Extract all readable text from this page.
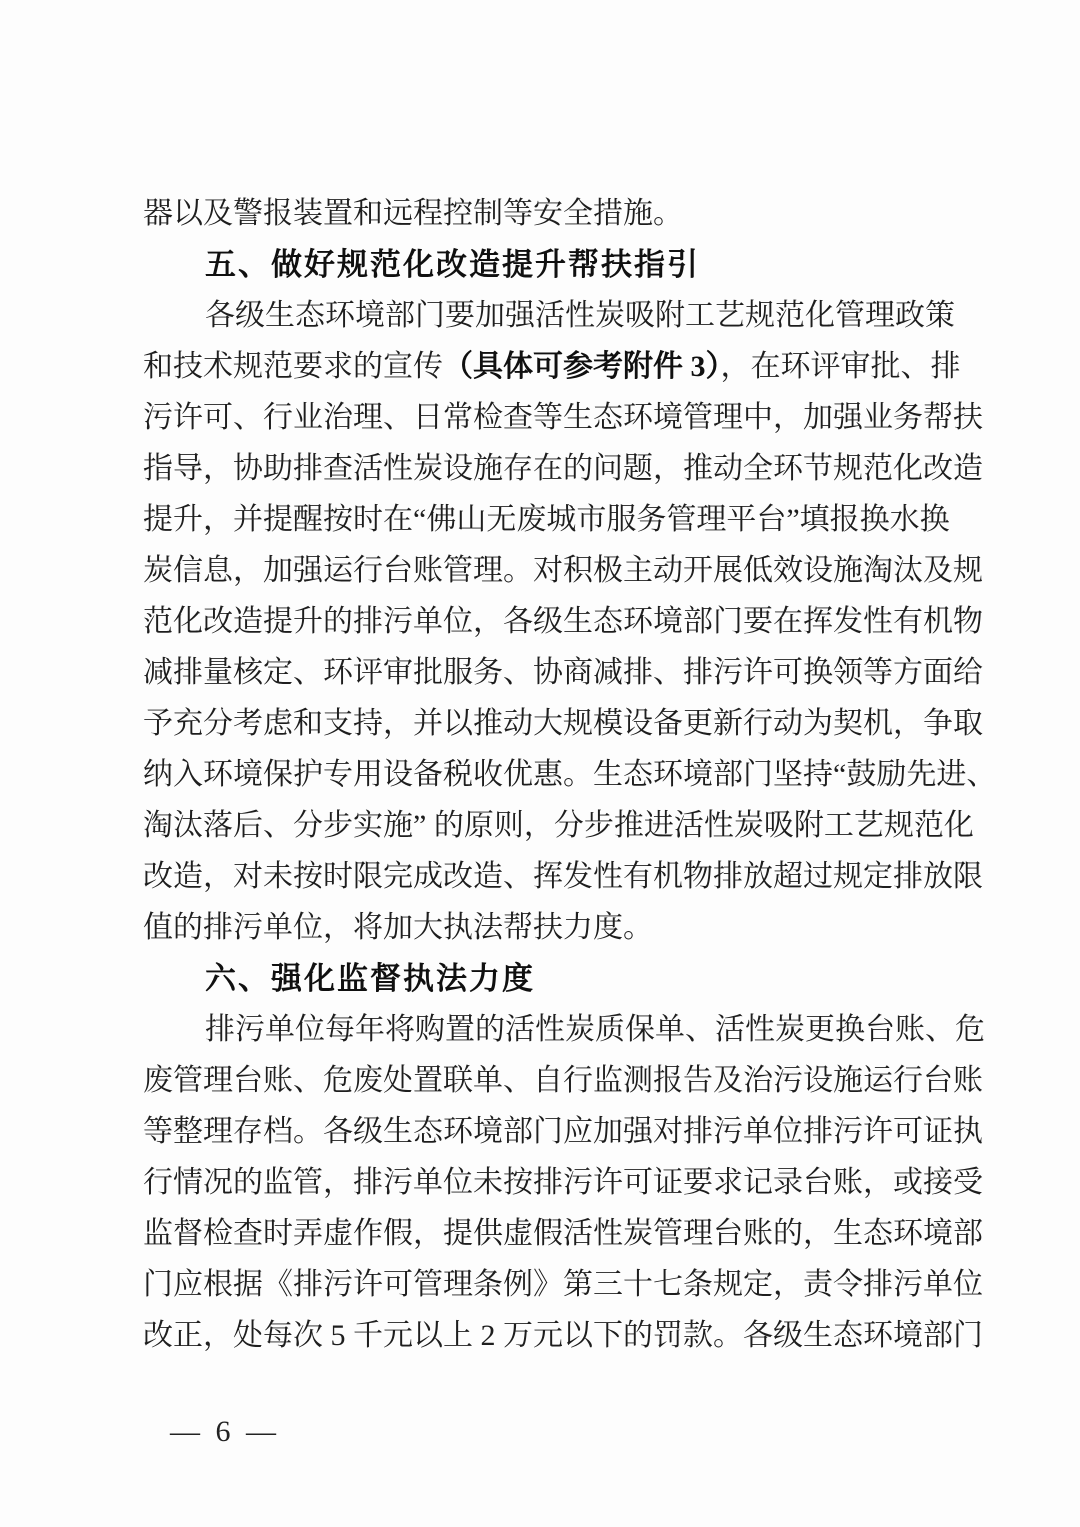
器以及警报装置和远程控制等安全措施。
五、做好规范化改造提升帮扶指引
各级生态环境部门要加强活性炭吸附工艺规范化管理政策
和技术规范要求的宣传（具体可参考附件 3），在环评审批、排
污许可、行业治理、日常检查等生态环境管理中，加强业务帮扶
指导，协助排查活性炭设施存在的问题，推动全环节规范化改造
提升，并提醒按时在“佛山无废城市服务管理平台”填报换水换
炭信息，加强运行台账管理。对积极主动开展低效设施淘汰及规
范化改造提升的排污单位，各级生态环境部门要在挥发性有机物
减排量核定、环评审批服务、协商减排、排污许可换领等方面给
予充分考虑和支持，并以推动大规模设备更新行动为契机，争取
纳入环境保护专用设备税收优惠。生态环境部门坚持“鼓励先进、
淘汰落后、分步实施” 的原则，分步推进活性炭吸附工艺规范化
改造，对未按时限完成改造、挥发性有机物排放超过规定排放限
值的排污单位，将加大执法帮扶力度。
六、强化监督执法力度
排污单位每年将购置的活性炭质保单、活性炭更换台账、危
废管理台账、危废处置联单、自行监测报告及治污设施运行台账
等整理存档。各级生态环境部门应加强对排污单位排污许可证执
行情况的监管，排污单位未按排污许可证要求记录台账，或接受
监督检查时弄虚作假，提供虚假活性炭管理台账的，生态环境部
门应根据《排污许可管理条例》第三十七条规定，责令排污单位
改正，处每次 5 千元以上 2 万元以下的罚款。各级生态环境部门
— 6 —
